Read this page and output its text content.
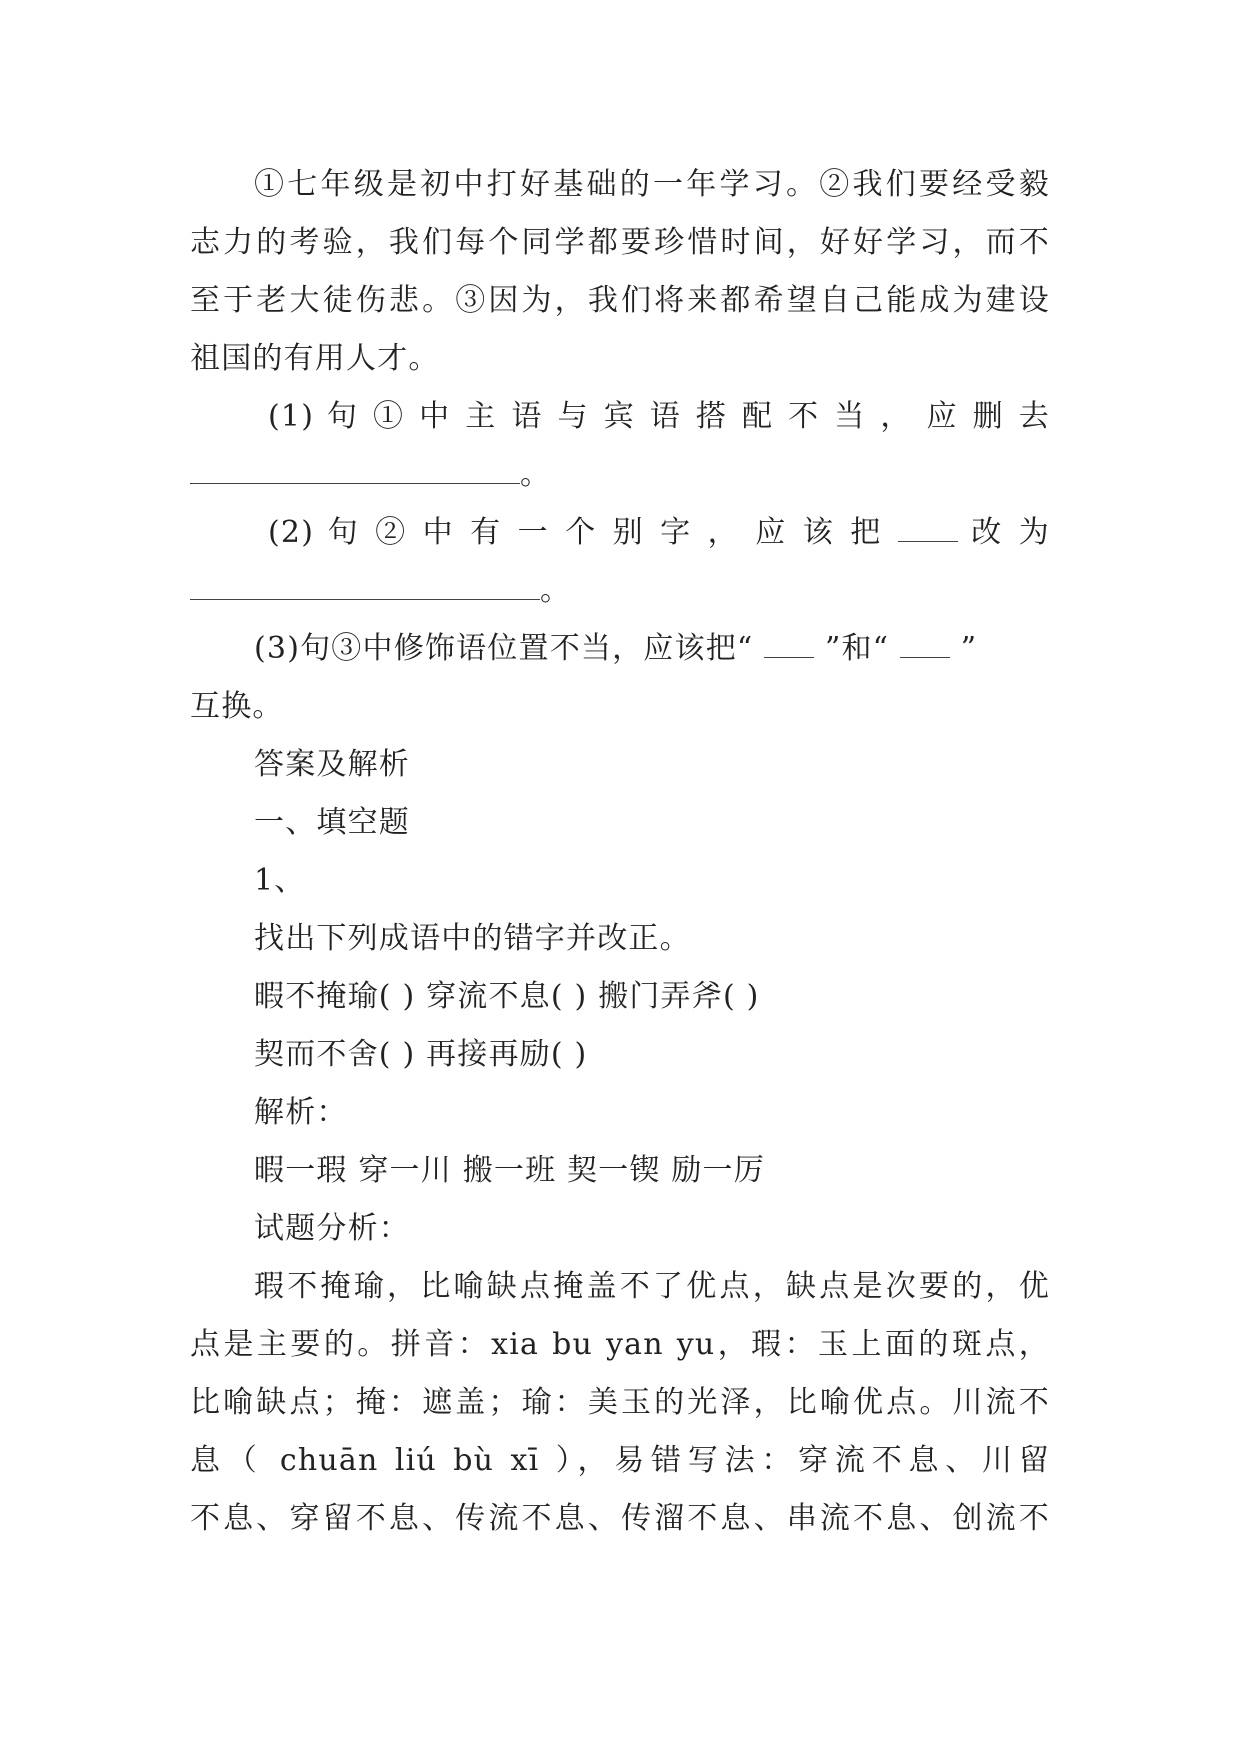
①七年级是初中打好基础的一年学习。②我们要经受毅
志力的考验，我们每个同学都要珍惜时间，好好学习，而不
至于老大徒伤悲。③因为，我们将来都希望自己能成为建设
祖国的有用人才。
(1) 句 ① 中 主 语 与 宾 语 搭 配 不 当 ， 应 删 去
。
(2) 句 ② 中 有 一 个 别 字 ， 应 该 把	改 为
。
(3)句③中修饰语位置不当，应该把“ ”和“ ”
互换。
答案及解析
一、填空题
1、
找出下列成语中的错字并改正。
暇不掩瑜( ) 穿流不息( ) 搬门弄斧( )
契而不舍( ) 再接再励( )
解析：
暇一瑕 穿一川 搬一班 契一锲 励一厉
试题分析：
瑕不掩瑜，比喻缺点掩盖不了优点，缺点是次要的，优
点是主要的。拼音：xia bu yan yu，瑕：玉上面的斑点，
比喻缺点；掩：遮盖；瑜：美玉的光泽，比喻优点。川流不
息（ chuān liú bù xī ），易错写法：穿流不息、川留
不息、穿留不息、传流不息、传溜不息、串流不息、创流不
